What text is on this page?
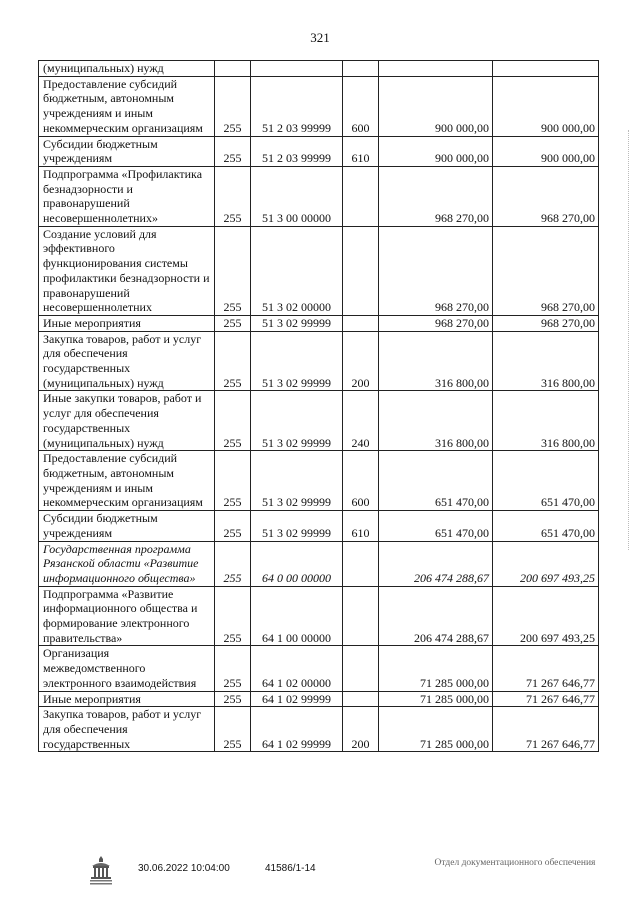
321
(муниципальных) нужд					
Предоставление субсидий бюджетным, автономным учреждениям и иным некоммерческим организациям	255	51 2 03 99999	600	900 000,00	900 000,00
Субсидии бюджетным учреждениям	255	51 2 03 99999	610	900 000,00	900 000,00
Подпрограмма «Профилактика безнадзорности и правонарушений несовершеннолетних»	255	51 3 00 00000		968 270,00	968 270,00
Создание условий для эффективного функционирования системы профилактики безнадзорности и правонарушений несовершеннолетних	255	51 3 02 00000		968 270,00	968 270,00
Иные мероприятия	255	51 3 02 99999		968 270,00	968 270,00
Закупка товаров, работ и услуг для обеспечения государственных (муниципальных) нужд	255	51 3 02 99999	200	316 800,00	316 800,00
Иные закупки товаров, работ и услуг для обеспечения государственных (муниципальных) нужд	255	51 3 02 99999	240	316 800,00	316 800,00
Предоставление субсидий бюджетным, автономным учреждениям и иным некоммерческим организациям	255	51 3 02 99999	600	651 470,00	651 470,00
Субсидии бюджетным учреждениям	255	51 3 02 99999	610	651 470,00	651 470,00
Государственная программа Рязанской области «Развитие информационного общества»	255	64 0 00 00000		206 474 288,67	200 697 493,25
Подпрограмма «Развитие информационного общества и формирование электронного правительства»	255	64 1 00 00000		206 474 288,67	200 697 493,25
Организация межведомственного электронного взаимодействия	255	64 1 02 00000		71 285 000,00	71 267 646,77
Иные мероприятия	255	64 1 02 99999		71 285 000,00	71 267 646,77
Закупка товаров, работ и услуг для обеспечения государственных	255	64 1 02 99999	200	71 285 000,00	71 267 646,77
30.06.2022 10:04:00	41586/1-14	Отдел документационного обеспечения
